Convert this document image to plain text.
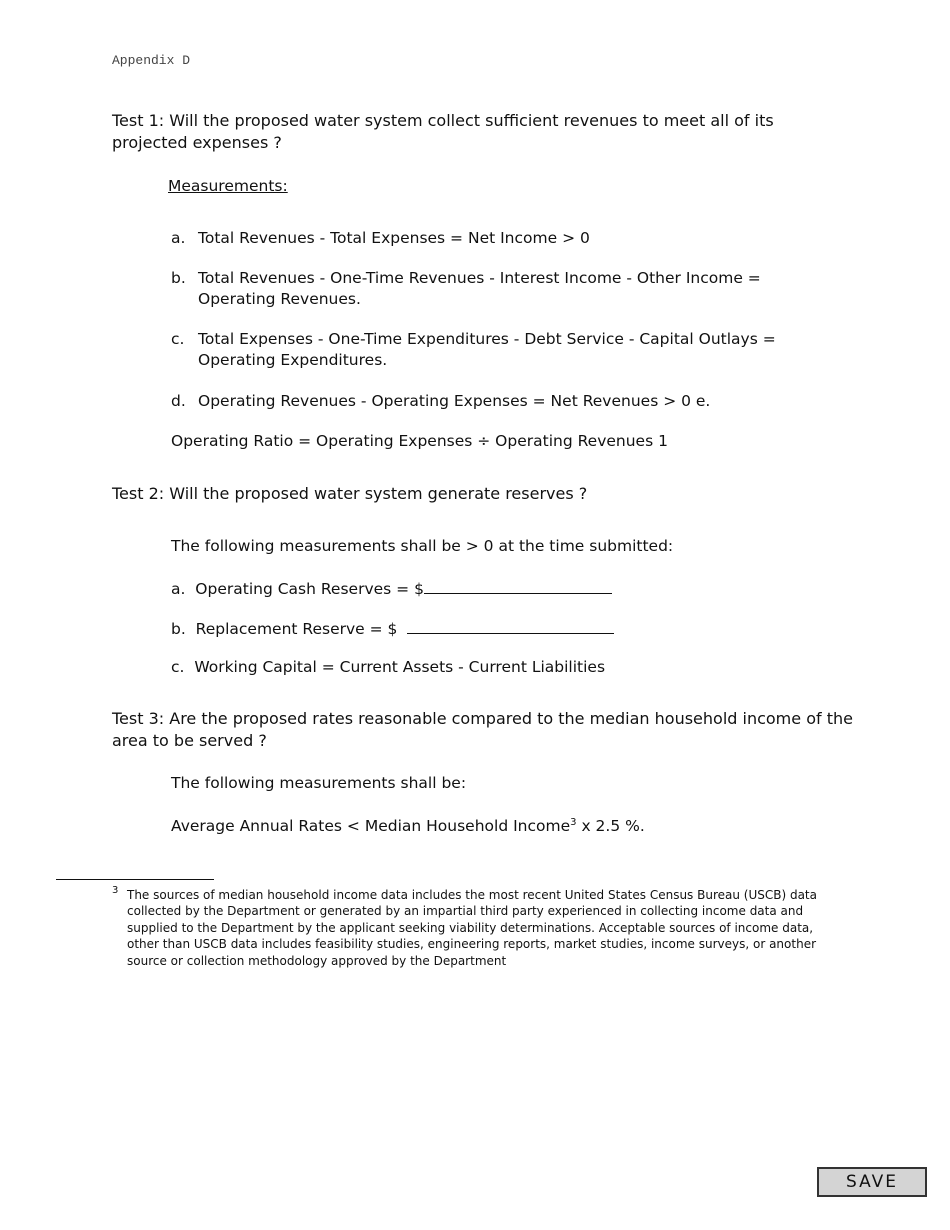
Appendix D
Test 1: Will the proposed water system collect sufficient revenues to meet all of its
projected expenses ?
Measurements:
a. Total Revenues - Total Expenses = Net Income > 0
b. Total Revenues - One-Time Revenues - Interest Income - Other Income = Operating Revenues.
c. Total Expenses - One-Time Expenditures - Debt Service - Capital Outlays = Operating Expenditures.
d. Operating Revenues - Operating Expenses = Net Revenues > 0 e.
Operating Ratio = Operating Expenses ÷ Operating Revenues 1
Test 2: Will the proposed water system generate reserves ?
The following measurements shall be > 0 at the time submitted:
a. Operating Cash Reserves = $
b. Replacement Reserve = $
c. Working Capital = Current Assets - Current Liabilities
Test 3: Are the proposed rates reasonable compared to the median household income of the
area to be served ?
The following measurements shall be:
Average Annual Rates < Median Household Income$^3$ x 2.5 %.
3 The sources of median household income data includes the most recent United States Census Bureau (USCB) data collected by the Department or generated by an impartial third party experienced in collecting income data and supplied to the Department by the applicant seeking viability determinations. Acceptable sources of income data, other than USCB data includes feasibility studies, engineering reports, market studies, income surveys, or another source or collection methodology approved by the Department
SAVE
